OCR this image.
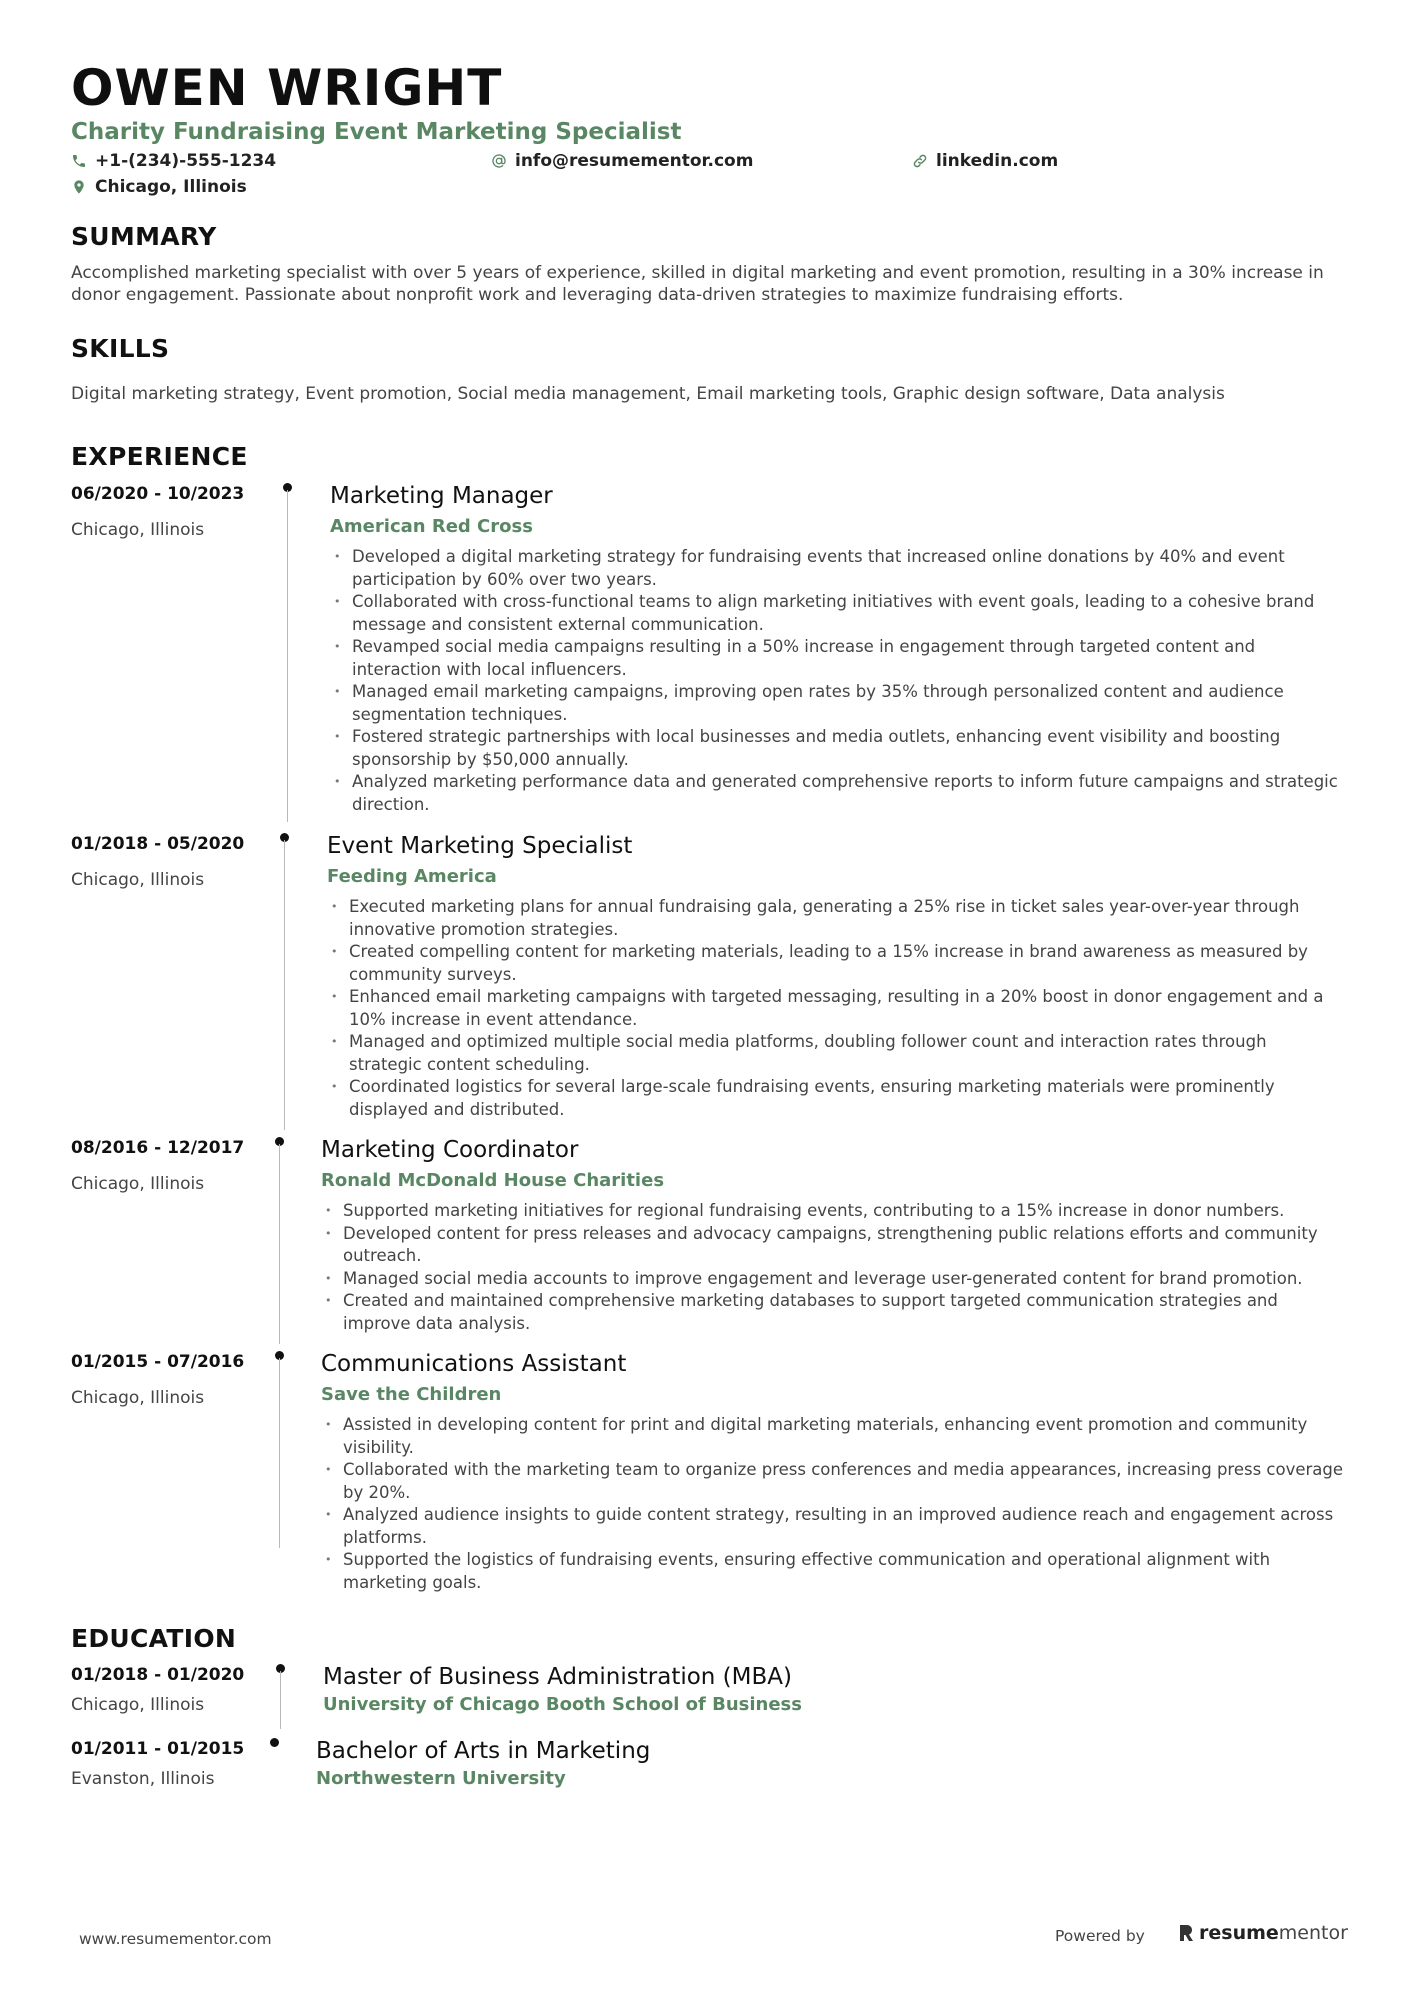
OWEN WRIGHT
Charity Fundraising Event Marketing Specialist
+1-(234)-555-1234	info@resumementor.com	linkedin.com
Chicago, Illinois
SUMMARY
Accomplished marketing specialist with over 5 years of experience, skilled in digital marketing and event promotion, resulting in a 30% increase in donor engagement. Passionate about nonprofit work and leveraging data-driven strategies to maximize fundraising efforts.
SKILLS
Digital marketing strategy, Event promotion, Social media management, Email marketing tools, Graphic design software, Data analysis
EXPERIENCE
06/2020 - 10/2023
Chicago, Illinois
Marketing Manager
American Red Cross
• Developed a digital marketing strategy for fundraising events that increased online donations by 40% and event participation by 60% over two years.
• Collaborated with cross-functional teams to align marketing initiatives with event goals, leading to a cohesive brand message and consistent external communication.
• Revamped social media campaigns resulting in a 50% increase in engagement through targeted content and interaction with local influencers.
• Managed email marketing campaigns, improving open rates by 35% through personalized content and audience segmentation techniques.
• Fostered strategic partnerships with local businesses and media outlets, enhancing event visibility and boosting sponsorship by $50,000 annually.
• Analyzed marketing performance data and generated comprehensive reports to inform future campaigns and strategic direction.
01/2018 - 05/2020
Chicago, Illinois
Event Marketing Specialist
Feeding America
• Executed marketing plans for annual fundraising gala, generating a 25% rise in ticket sales year-over-year through innovative promotion strategies.
• Created compelling content for marketing materials, leading to a 15% increase in brand awareness as measured by community surveys.
• Enhanced email marketing campaigns with targeted messaging, resulting in a 20% boost in donor engagement and a 10% increase in event attendance.
• Managed and optimized multiple social media platforms, doubling follower count and interaction rates through strategic content scheduling.
• Coordinated logistics for several large-scale fundraising events, ensuring marketing materials were prominently displayed and distributed.
08/2016 - 12/2017
Chicago, Illinois
Marketing Coordinator
Ronald McDonald House Charities
• Supported marketing initiatives for regional fundraising events, contributing to a 15% increase in donor numbers.
• Developed content for press releases and advocacy campaigns, strengthening public relations efforts and community outreach.
• Managed social media accounts to improve engagement and leverage user-generated content for brand promotion.
• Created and maintained comprehensive marketing databases to support targeted communication strategies and improve data analysis.
01/2015 - 07/2016
Chicago, Illinois
Communications Assistant
Save the Children
• Assisted in developing content for print and digital marketing materials, enhancing event promotion and community visibility.
• Collaborated with the marketing team to organize press conferences and media appearances, increasing press coverage by 20%.
• Analyzed audience insights to guide content strategy, resulting in an improved audience reach and engagement across platforms.
• Supported the logistics of fundraising events, ensuring effective communication and operational alignment with marketing goals.
EDUCATION
01/2018 - 01/2020
Chicago, Illinois
Master of Business Administration (MBA)
University of Chicago Booth School of Business
01/2011 - 01/2015
Evanston, Illinois
Bachelor of Arts in Marketing
Northwestern University
www.resumementor.com	Powered by	resume mentor
